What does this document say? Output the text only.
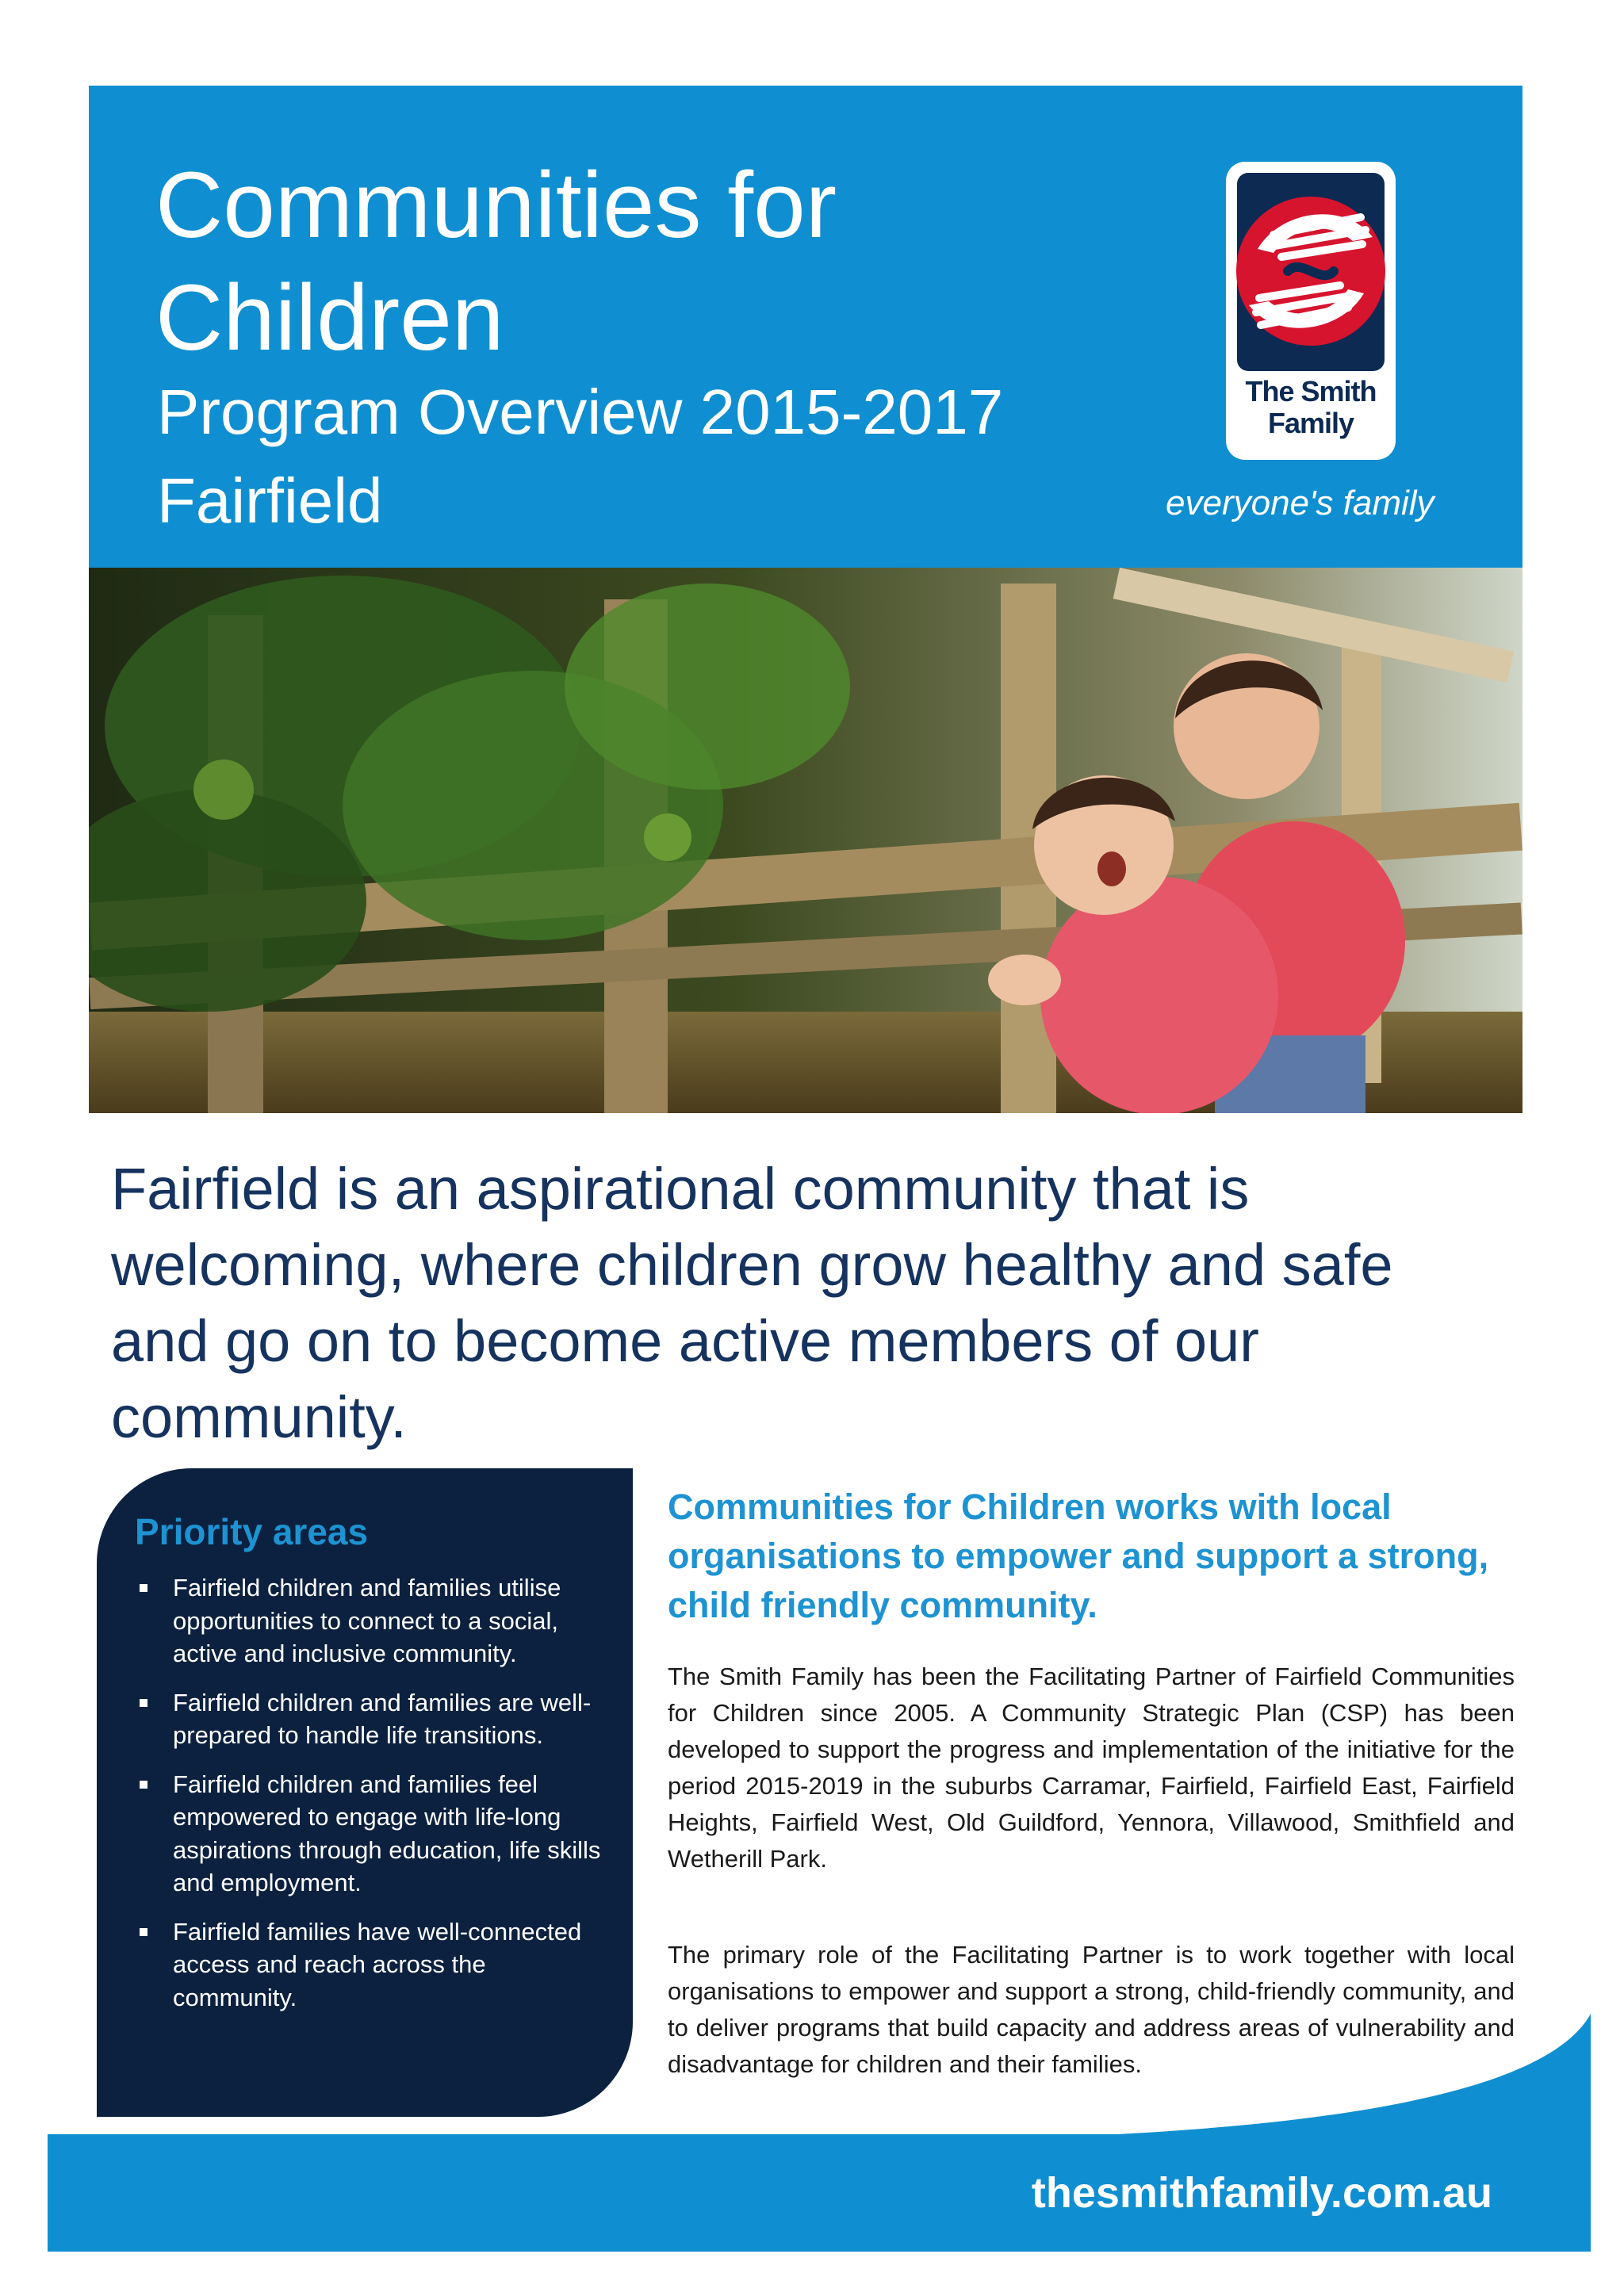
Communities for Children
Program Overview 2015-2017
Fairfield
The Smith Family
everyone's family

Fairfield is an aspirational community that is welcoming, where children grow healthy and safe and go on to become active members of our community.

Priority areas
Fairfield children and families utilise opportunities to connect to a social, active and inclusive community.
Fairfield children and families are well-prepared to handle life transitions.
Fairfield children and families feel empowered to engage with life-long aspirations through education, life skills and employment.
Fairfield families have well-connected access and reach across the community.
Communities for Children works with local organisations to empower and support a strong, child friendly community.

The Smith Family has been the Facilitating Partner of Fairfield Communities for Children since 2005. A Community Strategic Plan (CSP) has been developed to support the progress and implementation of the initiative for the period 2015-2019 in the suburbs Carramar, Fairfield, Fairfield East, Fairfield Heights, Fairfield West, Old Guildford, Yennora, Villawood, Smithfield and Wetherill Park.

The primary role of the Facilitating Partner is to work together with local organisations to empower and support a strong, child-friendly community, and to deliver programs that build capacity and address areas of vulnerability and disadvantage for children and their families.

thesmithfamily.com.au
